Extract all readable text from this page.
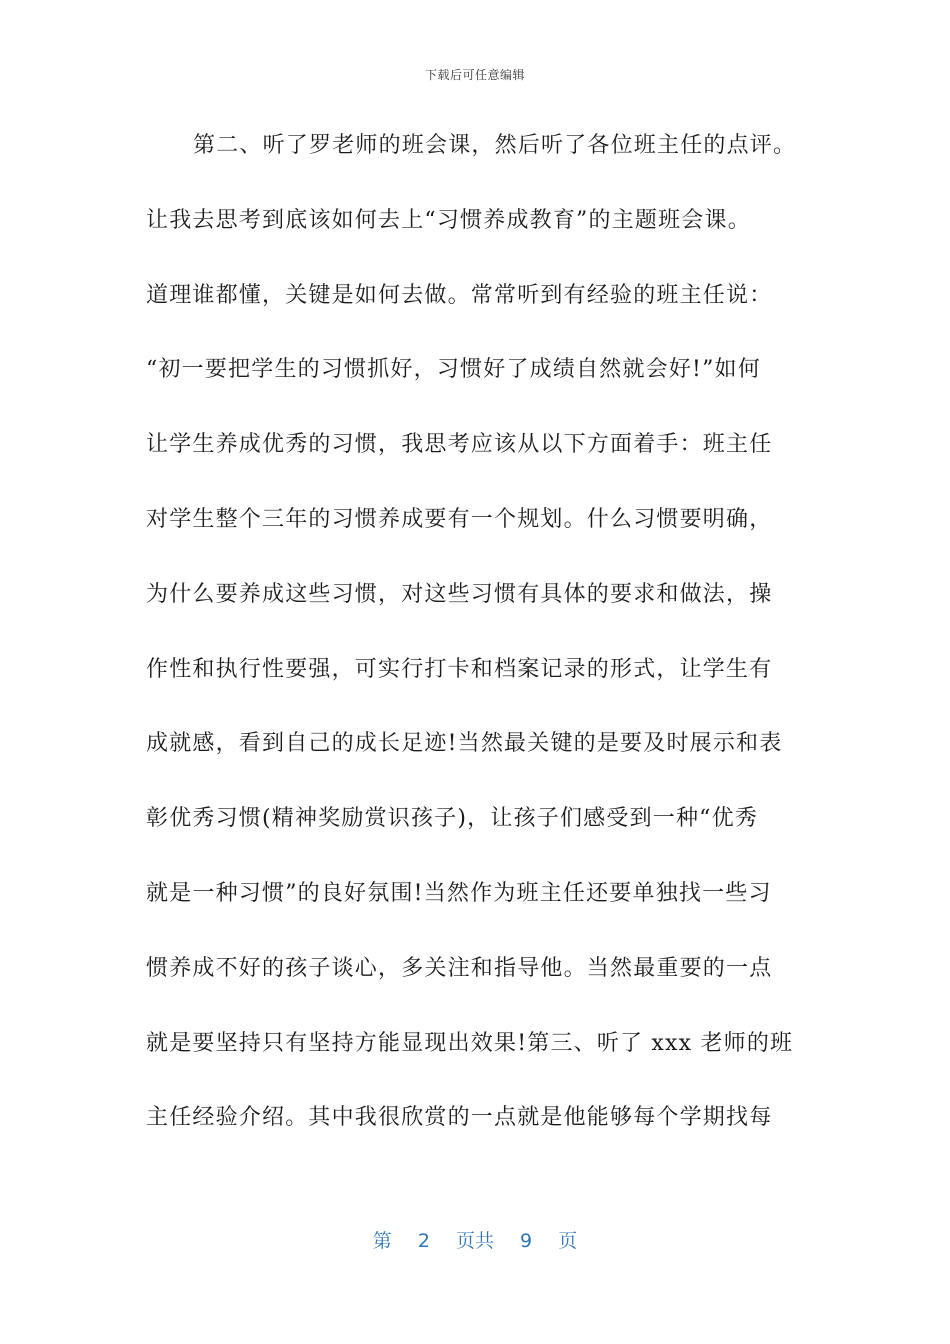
下载后可任意编辑
第二、听了罗老师的班会课，然后听了各位班主任的点评。
让我去思考到底该如何去上“习惯养成教育”的主题班会课。
道理谁都懂，关键是如何去做。常常听到有经验的班主任说：
“初一要把学生的习惯抓好，习惯好了成绩自然就会好!”如何
让学生养成优秀的习惯，我思考应该从以下方面着手：班主任
对学生整个三年的习惯养成要有一个规划。什么习惯要明确，
为什么要养成这些习惯，对这些习惯有具体的要求和做法，操
作性和执行性要强，可实行打卡和档案记录的形式，让学生有
成就感，看到自己的成长足迹!当然最关键的是要及时展示和表
彰优秀习惯(精神奖励赏识孩子)，让孩子们感受到一种“优秀
就是一种习惯”的良好氛围!当然作为班主任还要单独找一些习
惯养成不好的孩子谈心，多关注和指导他。当然最重要的一点
就是要坚持只有坚持方能显现出效果!第三、听了 xxx 老师的班
主任经验介绍。其中我很欣赏的一点就是他能够每个学期找每
第 2 页共 9 页
